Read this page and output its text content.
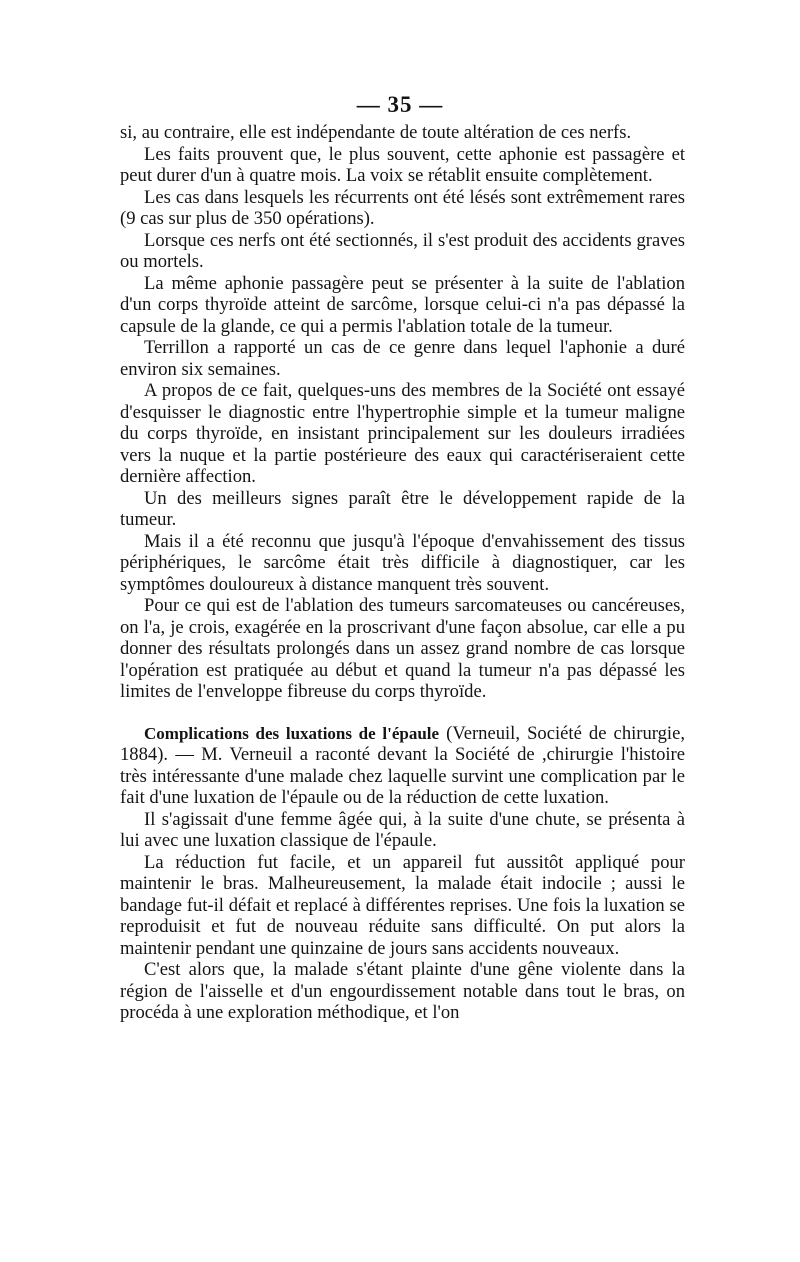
— 35 —

si, au contraire, elle est indépendante de toute altération de ces nerfs.

Les faits prouvent que, le plus souvent, cette aphonie est passagère et peut durer d'un à quatre mois. La voix se rétablit ensuite complètement.

Les cas dans lesquels les récurrents ont été lésés sont extrêmement rares (9 cas sur plus de 350 opérations).

Lorsque ces nerfs ont été sectionnés, il s'est produit des accidents graves ou mortels.

La même aphonie passagère peut se présenter à la suite de l'ablation d'un corps thyroïde atteint de sarcôme, lorsque celui-ci n'a pas dépassé la capsule de la glande, ce qui a permis l'ablation totale de la tumeur.

Terrillon a rapporté un cas de ce genre dans lequel l'aphonie a duré environ six semaines.

A propos de ce fait, quelques-uns des membres de la Société ont essayé d'esquisser le diagnostic entre l'hypertrophie simple et la tumeur maligne du corps thyroïde, en insistant principalement sur les douleurs irradiées vers la nuque et la partie postérieure des eaux qui caractériseraient cette dernière affection.

Un des meilleurs signes paraît être le développement rapide de la tumeur.

Mais il a été reconnu que jusqu'à l'époque d'envahissement des tissus périphériques, le sarcôme était très difficile à diagnostiquer, car les symptômes douloureux à distance manquent très souvent.

Pour ce qui est de l'ablation des tumeurs sarcomateuses ou cancéreuses, on l'a, je crois, exagérée en la proscrivant d'une façon absolue, car elle a pu donner des résultats prolongés dans un assez grand nombre de cas lorsque l'opération est pratiquée au début et quand la tumeur n'a pas dépassé les limites de l'enveloppe fibreuse du corps thyroïde.

Complications des luxations de l'épaule (Verneuil, Société de chirurgie, 1884). — M. Verneuil a raconté devant la Société de ,chirurgie l'histoire très intéressante d'une malade chez laquelle survint une complication par le fait d'une luxation de l'épaule ou de la réduction de cette luxation.

Il s'agissait d'une femme âgée qui, à la suite d'une chute, se présenta à lui avec une luxation classique de l'épaule.

La réduction fut facile, et un appareil fut aussitôt appliqué pour maintenir le bras. Malheureusement, la malade était indocile ; aussi le bandage fut-il défait et replacé à différentes reprises. Une fois la luxation se reproduisit et fut de nouveau réduite sans difficulté. On put alors la maintenir pendant une quinzaine de jours sans accidents nouveaux.

C'est alors que, la malade s'étant plainte d'une gêne violente dans la région de l'aisselle et d'un engourdissement notable dans tout le bras, on procéda à une exploration méthodique, et l'on
